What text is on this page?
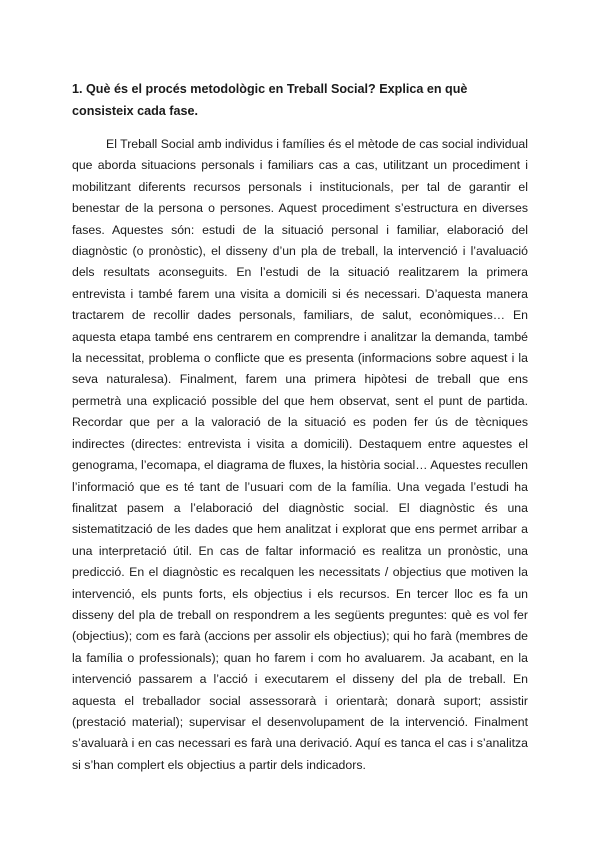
1. Què és el procés metodològic en Treball Social? Explica en què consisteix cada fase.

El Treball Social amb individus i famílies és el mètode de cas social individual que aborda situacions personals i familiars cas a cas, utilitzant un procediment i mobilitzant diferents recursos personals i institucionals, per tal de garantir el benestar de la persona o persones. Aquest procediment s’estructura en diverses fases. Aquestes són: estudi de la situació personal i familiar, elaboració del diagnòstic (o pronòstic), el disseny d’un pla de treball, la intervenció i l’avaluació dels resultats aconseguits. En l’estudi de la situació realitzarem la primera entrevista i també farem una visita a domicili si és necessari. D’aquesta manera tractarem de recollir dades personals, familiars, de salut, econòmiques… En aquesta etapa també ens centrarem en comprendre i analitzar la demanda, també la necessitat, problema o conflicte que es presenta (informacions sobre aquest i la seva naturalesa). Finalment, farem una primera hipòtesi de treball que ens permetrà una explicació possible del que hem observat, sent el punt de partida. Recordar que per a la valoració de la situació es poden fer ús de tècniques indirectes (directes: entrevista i visita a domicili). Destaquem entre aquestes el genograma, l’ecomapa, el diagrama de fluxes, la història social… Aquestes recullen l’informació que es té tant de l’usuari com de la família. Una vegada l’estudi ha finalitzat pasem a l’elaboració del diagnòstic social. El diagnòstic és una sistematització de les dades que hem analitzat i explorat que ens permet arribar a una interpretació útil. En cas de faltar informació es realitza un pronòstic, una predicció. En el diagnòstic es recalquen les necessitats / objectius que motiven la intervenció, els punts forts, els objectius i els recursos. En tercer lloc es fa un disseny del pla de treball on respondrem a les següents preguntes: què es vol fer (objectius); com es farà (accions per assolir els objectius); qui ho farà (membres de la família o professionals); quan ho farem i com ho avaluarem. Ja acabant, en la intervenció passarem a l’acció i executarem el disseny del pla de treball. En aquesta el treballador social assessorarà i orientarà; donarà suport; assistir (prestació material); supervisar el desenvolupament de la intervenció. Finalment s’avaluarà i en cas necessari es farà una derivació. Aquí es tanca el cas i s’analitza si s’han complert els objectius a partir dels indicadors.
